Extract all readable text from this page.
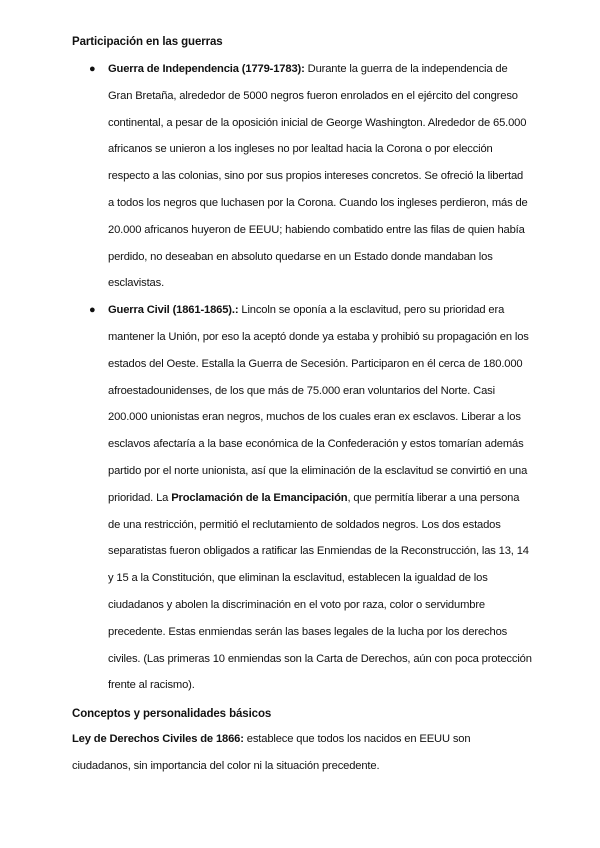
Participación en las guerras
● Guerra de Independencia (1779-1783): Durante la guerra de la independencia de Gran Bretaña, alrededor de 5000 negros fueron enrolados en el ejército del congreso continental, a pesar de la oposición inicial de George Washington. Alrededor de 65.000 africanos se unieron a los ingleses no por lealtad hacia la Corona o por elección respecto a las colonias, sino por sus propios intereses concretos. Se ofreció la libertad a todos los negros que luchasen por la Corona. Cuando los ingleses perdieron, más de 20.000 africanos huyeron de EEUU; habiendo combatido entre las filas de quien había perdido, no deseaban en absoluto quedarse en un Estado donde mandaban los esclavistas.
● Guerra Civil (1861-1865).: Lincoln se oponía a la esclavitud, pero su prioridad era mantener la Unión, por eso la aceptó donde ya estaba y prohibió su propagación en los estados del Oeste. Estalla la Guerra de Secesión. Participaron en él cerca de 180.000 afroestadounidenses, de los que más de 75.000 eran voluntarios del Norte. Casi 200.000 unionistas eran negros, muchos de los cuales eran ex esclavos. Liberar a los esclavos afectaría a la base económica de la Confederación y estos tomarían además partido por el norte unionista, así que la eliminación de la esclavitud se convirtió en una prioridad. La Proclamación de la Emancipación, que permitía liberar a una persona de una restricción, permitió el reclutamiento de soldados negros. Los dos estados separatistas fueron obligados a ratificar las Enmiendas de la Reconstrucción, las 13, 14 y 15 a la Constitución, que eliminan la esclavitud, establecen la igualdad de los ciudadanos y abolen la discriminación en el voto por raza, color o servidumbre precedente. Estas enmiendas serán las bases legales de la lucha por los derechos civiles. (Las primeras 10 enmiendas son la Carta de Derechos, aún con poca protección frente al racismo).
Conceptos y personalidades básicos

Ley de Derechos Civiles de 1866: establece que todos los nacidos en EEUU son ciudadanos, sin importancia del color ni la situación precedente.
